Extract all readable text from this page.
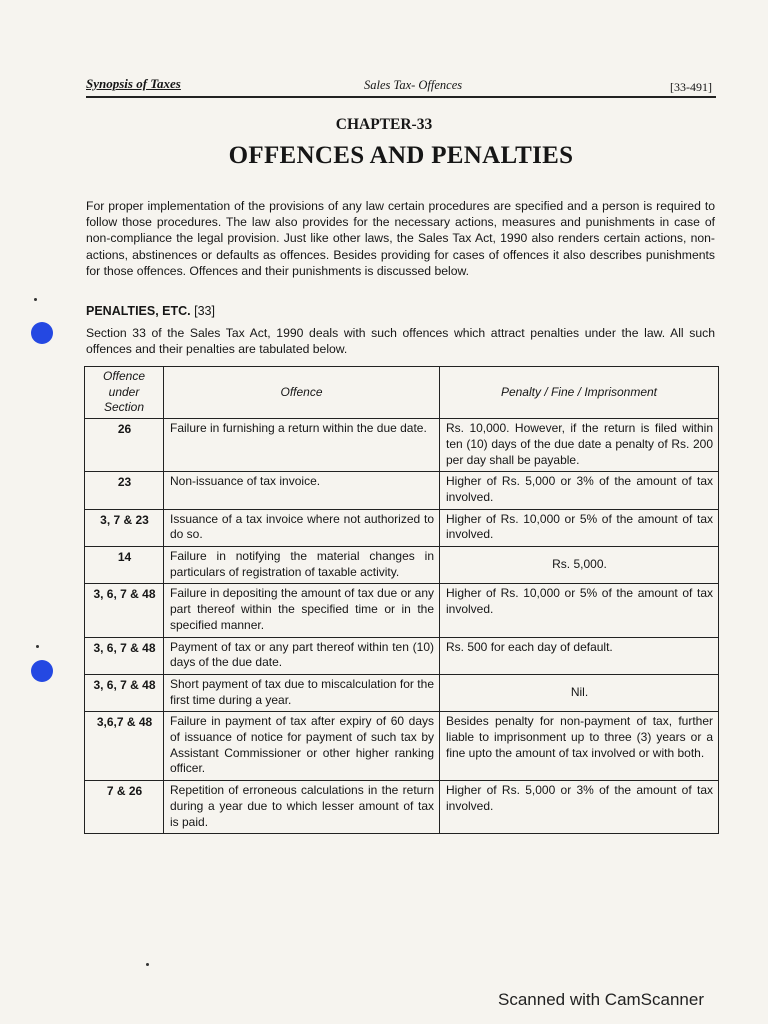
Synopsis of Taxes	Sales Tax- Offences	[33-491]
CHAPTER-33
OFFENCES AND PENALTIES
For proper implementation of the provisions of any law certain procedures are specified and a person is required to follow those procedures. The law also provides for the necessary actions, measures and punishments in case of non-compliance the legal provision. Just like other laws, the Sales Tax Act, 1990 also renders certain actions, non-actions, abstinences or defaults as offences. Besides providing for cases of offences it also describes punishments for those offences. Offences and their punishments is discussed below.
PENALTIES, ETC. [33]
Section 33 of the Sales Tax Act, 1990 deals with such offences which attract penalties under the law. All such offences and their penalties are tabulated below.
Offence under Section	Offence	Penalty / Fine / Imprisonment
26	Failure in furnishing a return within the due date.	Rs. 10,000. However, if the return is filed within ten (10) days of the due date a penalty of Rs. 200 per day shall be payable.
23	Non-issuance of tax invoice.	Higher of Rs. 5,000 or 3% of the amount of tax involved.
3, 7 & 23	Issuance of a tax invoice where not authorized to do so.	Higher of Rs. 10,000 or 5% of the amount of tax involved.
14	Failure in notifying the material changes in particulars of registration of taxable activity.	Rs. 5,000.
3, 6, 7 & 48	Failure in depositing the amount of tax due or any part thereof within the specified time or in the specified manner.	Higher of Rs. 10,000 or 5% of the amount of tax involved.
3, 6, 7 & 48	Payment of tax or any part thereof within ten (10) days of the due date.	Rs. 500 for each day of default.
3, 6, 7 & 48	Short payment of tax due to miscalculation for the first time during a year.	Nil.
3,6,7 & 48	Failure in payment of tax after expiry of 60 days of issuance of notice for payment of such tax by Assistant Commissioner or other higher ranking officer.	Besides penalty for non-payment of tax, further liable to imprisonment up to three (3) years or a fine upto the amount of tax involved or with both.
7 & 26	Repetition of erroneous calculations in the return during a year due to which lesser amount of tax is paid.	Higher of Rs. 5,000 or 3% of the amount of tax involved.
Scanned with CamScanner
